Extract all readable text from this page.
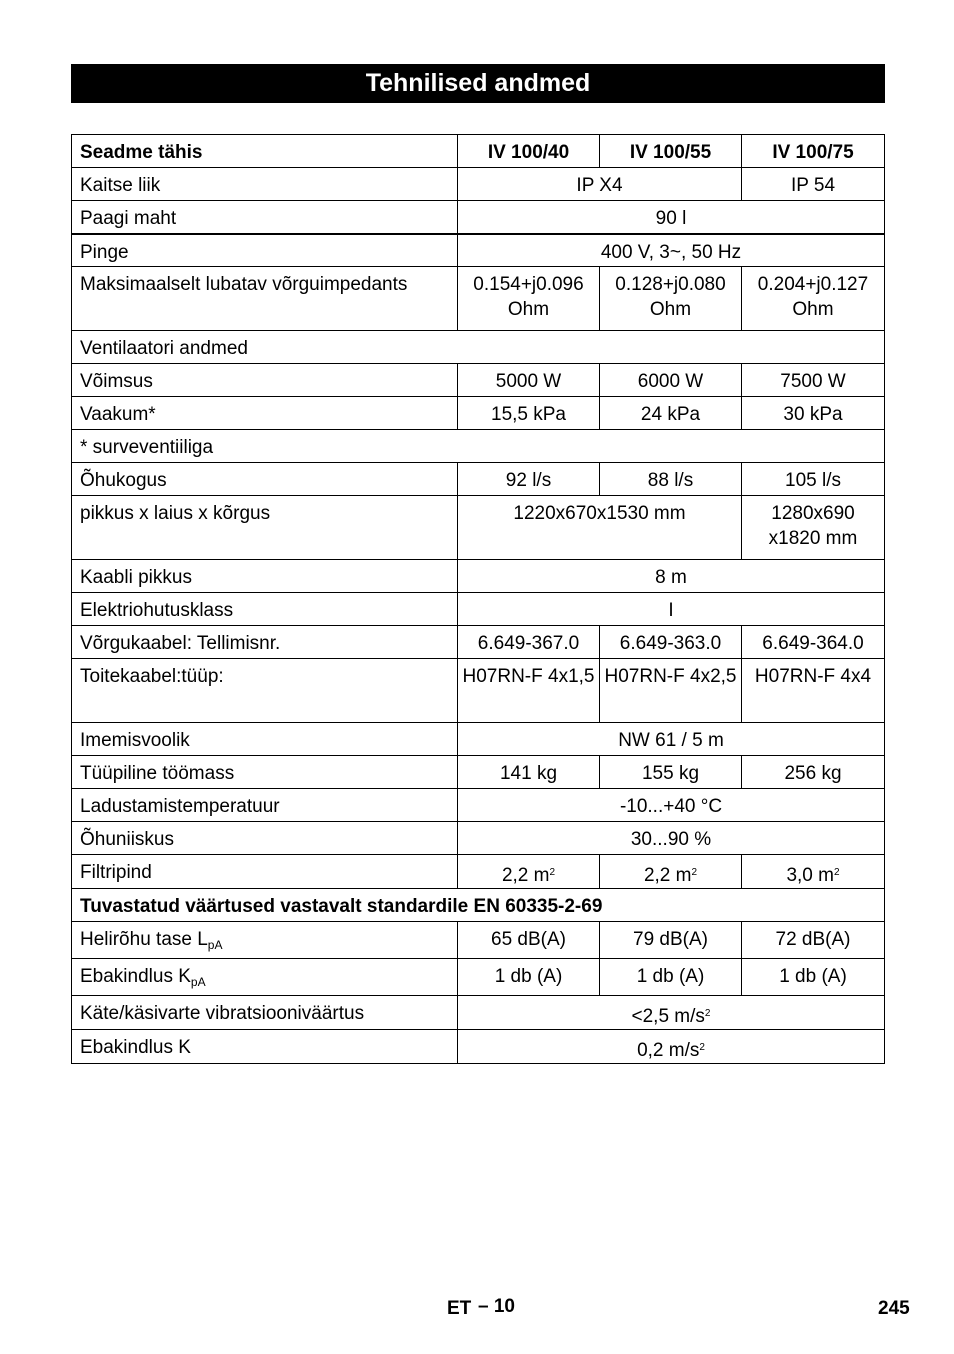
Tehnilised andmed
Seadme tähis	IV 100/40	IV 100/55	IV 100/75
Kaitse liik	IP X4		IP 54
Paagi maht	90 l		
Pinge	400 V, 3~, 50 Hz		
Maksimaalselt lubatav võrguimpedants	0.154+j0.096 Ohm	0.128+j0.080 Ohm	0.204+j0.127 Ohm
Ventilaatori andmed			
Võimsus	5000 W	6000 W	7500 W
Vaakum*	15,5 kPa	24 kPa	30 kPa
* surveventiiliga			
Õhukogus	92 l/s	88 l/s	105 l/s
pikkus x laius x kõrgus	1220x670x1530 mm		1280x690 x1820 mm
Kaabli pikkus	8 m		
Elektriohutusklass	I		
Võrgukaabel: Tellimisnr.	6.649-367.0	6.649-363.0	6.649-364.0
Toitekaabel:tüüp:	H07RN-F 4x1,5	H07RN-F 4x2,5	H07RN-F 4x4
Imemisvoolik	NW 61 / 5 m		
Tüüpiline töömass	141 kg	155 kg	256 kg
Ladustamistemperatuur	-10...+40 °C		
Õhuniiskus	30...90 %		
Filtripind	2,2 $m^2$	2,2 $m^2$	3,0 $m^2$
Tuvastatud väärtused vastavalt standardile EN 60335-2-69			
Helirõhu tase $L_{pA}$	65 dB(A)	79 dB(A)	72 dB(A)
Ebakindlus $K_{pA}$	1 db (A)	1 db (A)	1 db (A)
Käte/käsivarte vibratsiooniväärtus	<2,5 $m/s^2$
Ebakindlus K	0,2 $m/s^2$
ET – 10	245
